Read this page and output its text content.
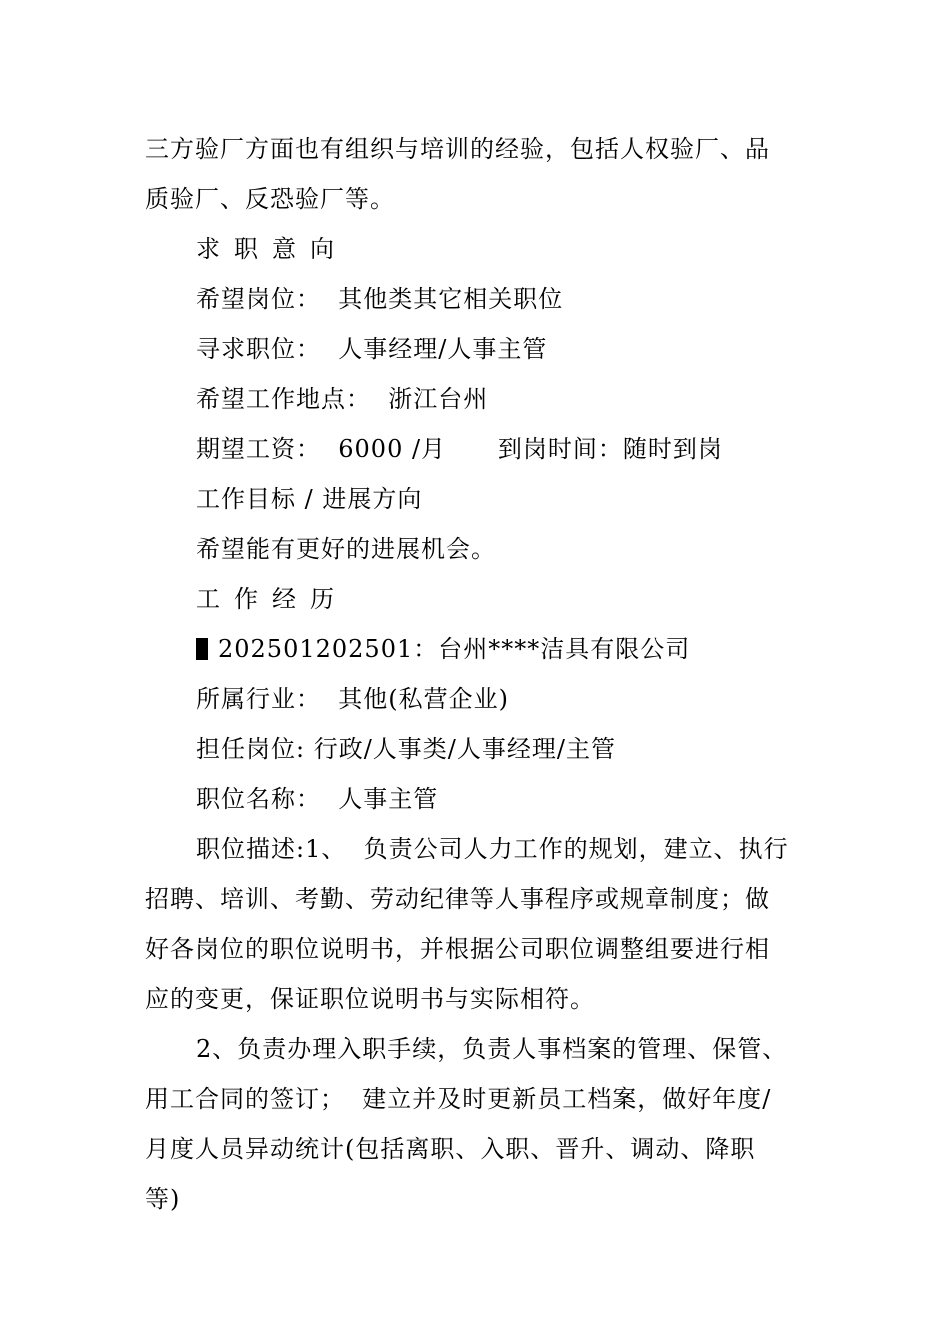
三方验厂方面也有组织与培训的经验，包括人权验厂、品
质验厂、反恐验厂等。
求职意向
希望岗位：  其他类其它相关职位
寻求职位：  人事经理/人事主管
希望工作地点：  浙江台州
期望工资：  6000 /月      到岗时间：随时到岗
工作目标 / 进展方向
希望能有更好的进展机会。
工作经历
202501202501：台州****洁具有限公司
所属行业：  其他(私营企业)
担任岗位: 行政/人事类/人事经理/主管
职位名称：  人事主管
职位描述:1、  负责公司人力工作的规划，建立、执行
招聘、培训、考勤、劳动纪律等人事程序或规章制度；做
好各岗位的职位说明书，并根据公司职位调整组要进行相
应的变更，保证职位说明书与实际相符。
2、负责办理入职手续，负责人事档案的管理、保管、
用工合同的签订；  建立并及时更新员工档案，做好年度/
月度人员异动统计(包括离职、入职、晋升、调动、降职
等)
